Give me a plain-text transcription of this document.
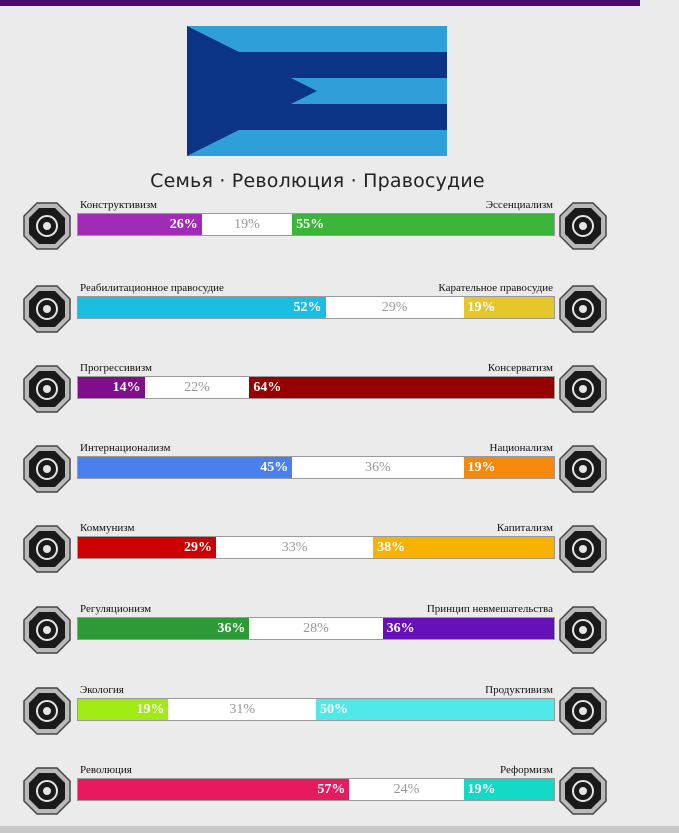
Семья · Революция · Правосудие
Конструктивизм	Эссенциализм
26%	19%	55%
Реабилитационное правосудие	Карательное правосудие
52%	29%	19%
Прогрессивизм	Консерватизм
14%	22%	64%
Интернационализм	Национализм
45%	36%	19%
Коммунизм	Капитализм
29%	33%	38%
Регуляционизм	Принцип невмешательства
36%	28%	36%
Экология	Продуктивизм
19%	31%	50%
Революция	Реформизм
57%	24%	19%
